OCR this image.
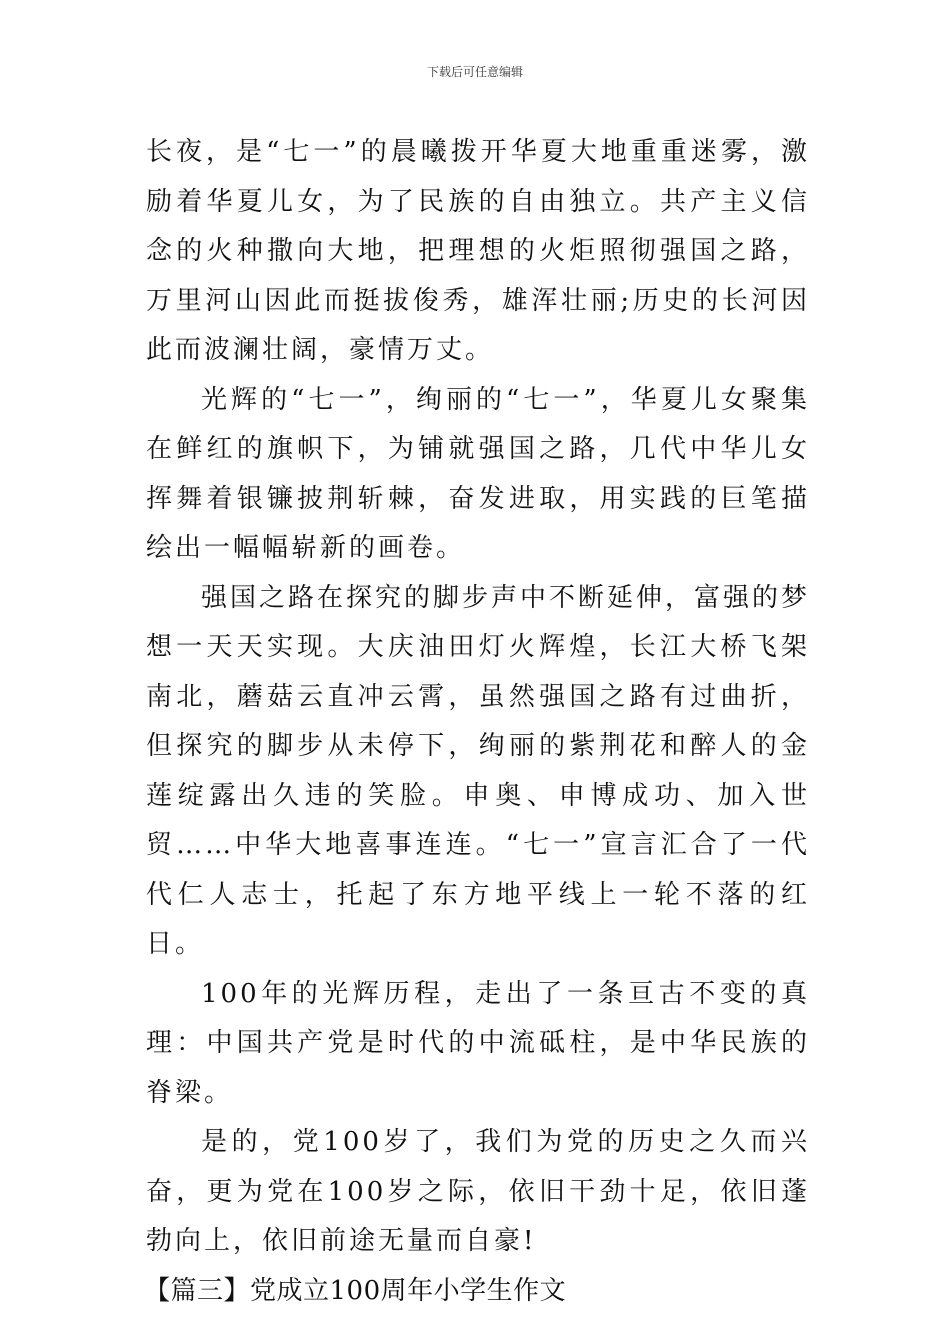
下载后可任意编辑

长夜，是“七一”的晨曦拨开华夏大地重重迷雾，激励着华夏儿女，为了民族的自由独立。共产主义信念的火种撒向大地，把理想的火炬照彻强国之路，万里河山因此而挺拔俊秀，雄浑壮丽;历史的长河因此而波澜壮阔，豪情万丈。

光辉的“七一”，绚丽的“七一”，华夏儿女聚集在鲜红的旗帜下，为铺就强国之路，几代中华儿女挥舞着银镰披荆斩棘，奋发进取，用实践的巨笔描绘出一幅幅崭新的画卷。

强国之路在探究的脚步声中不断延伸，富强的梦想一天天实现。大庆油田灯火辉煌，长江大桥飞架南北，蘑菇云直冲云霄，虽然强国之路有过曲折，但探究的脚步从未停下，绚丽的紫荆花和醉人的金莲绽露出久违的笑脸。申奥、申博成功、加入世贸……中华大地喜事连连。“七一”宣言汇合了一代代仁人志士，托起了东方地平线上一轮不落的红日。

100年的光辉历程，走出了一条亘古不变的真理：中国共产党是时代的中流砥柱，是中华民族的脊梁。

是的，党100岁了，我们为党的历史之久而兴奋，更为党在100岁之际，依旧干劲十足，依旧蓬勃向上，依旧前途无量而自豪!

【篇三】党成立100周年小学生作文
